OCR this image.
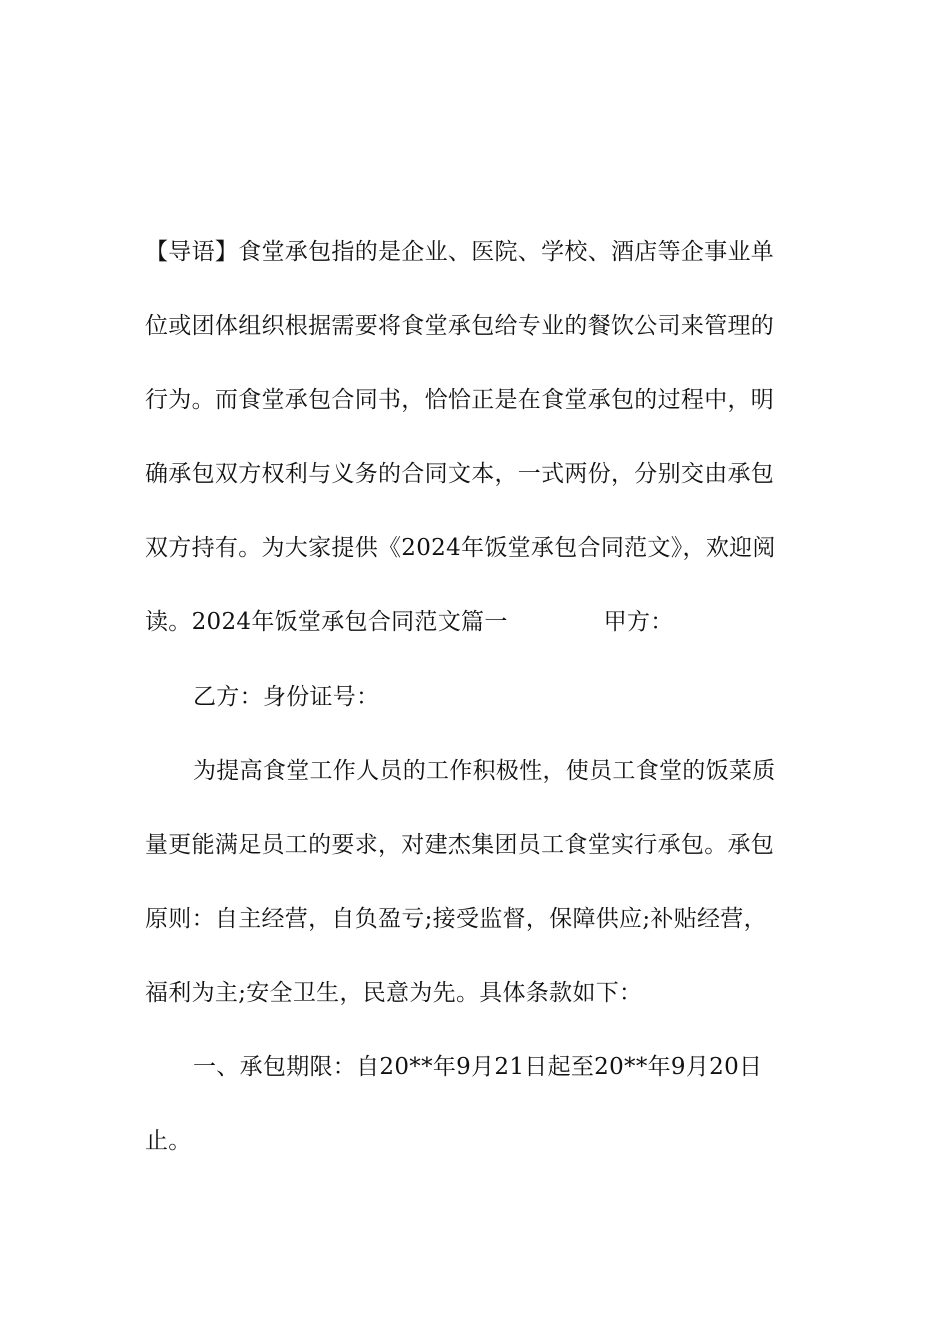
【导语】食堂承包指的是企业、医院、学校、酒店等企事业单
位或团体组织根据需要将食堂承包给专业的餐饮公司来管理的
行为。而食堂承包合同书，恰恰正是在食堂承包的过程中，明
确承包双方权利与义务的合同文本，一式两份，分别交由承包
双方持有。为大家提供《2024年饭堂承包合同范文》，欢迎阅
读。2024年饭堂承包合同范文篇一	甲方：
乙方：身份证号：
为提高食堂工作人员的工作积极性，使员工食堂的饭菜质
量更能满足员工的要求，对建杰集团员工食堂实行承包。承包
原则：自主经营，自负盈亏;接受监督，保障供应;补贴经营，
福利为主;安全卫生，民意为先。具体条款如下：
一、承包期限：自20**年9月21日起至20**年9月20日
止。
